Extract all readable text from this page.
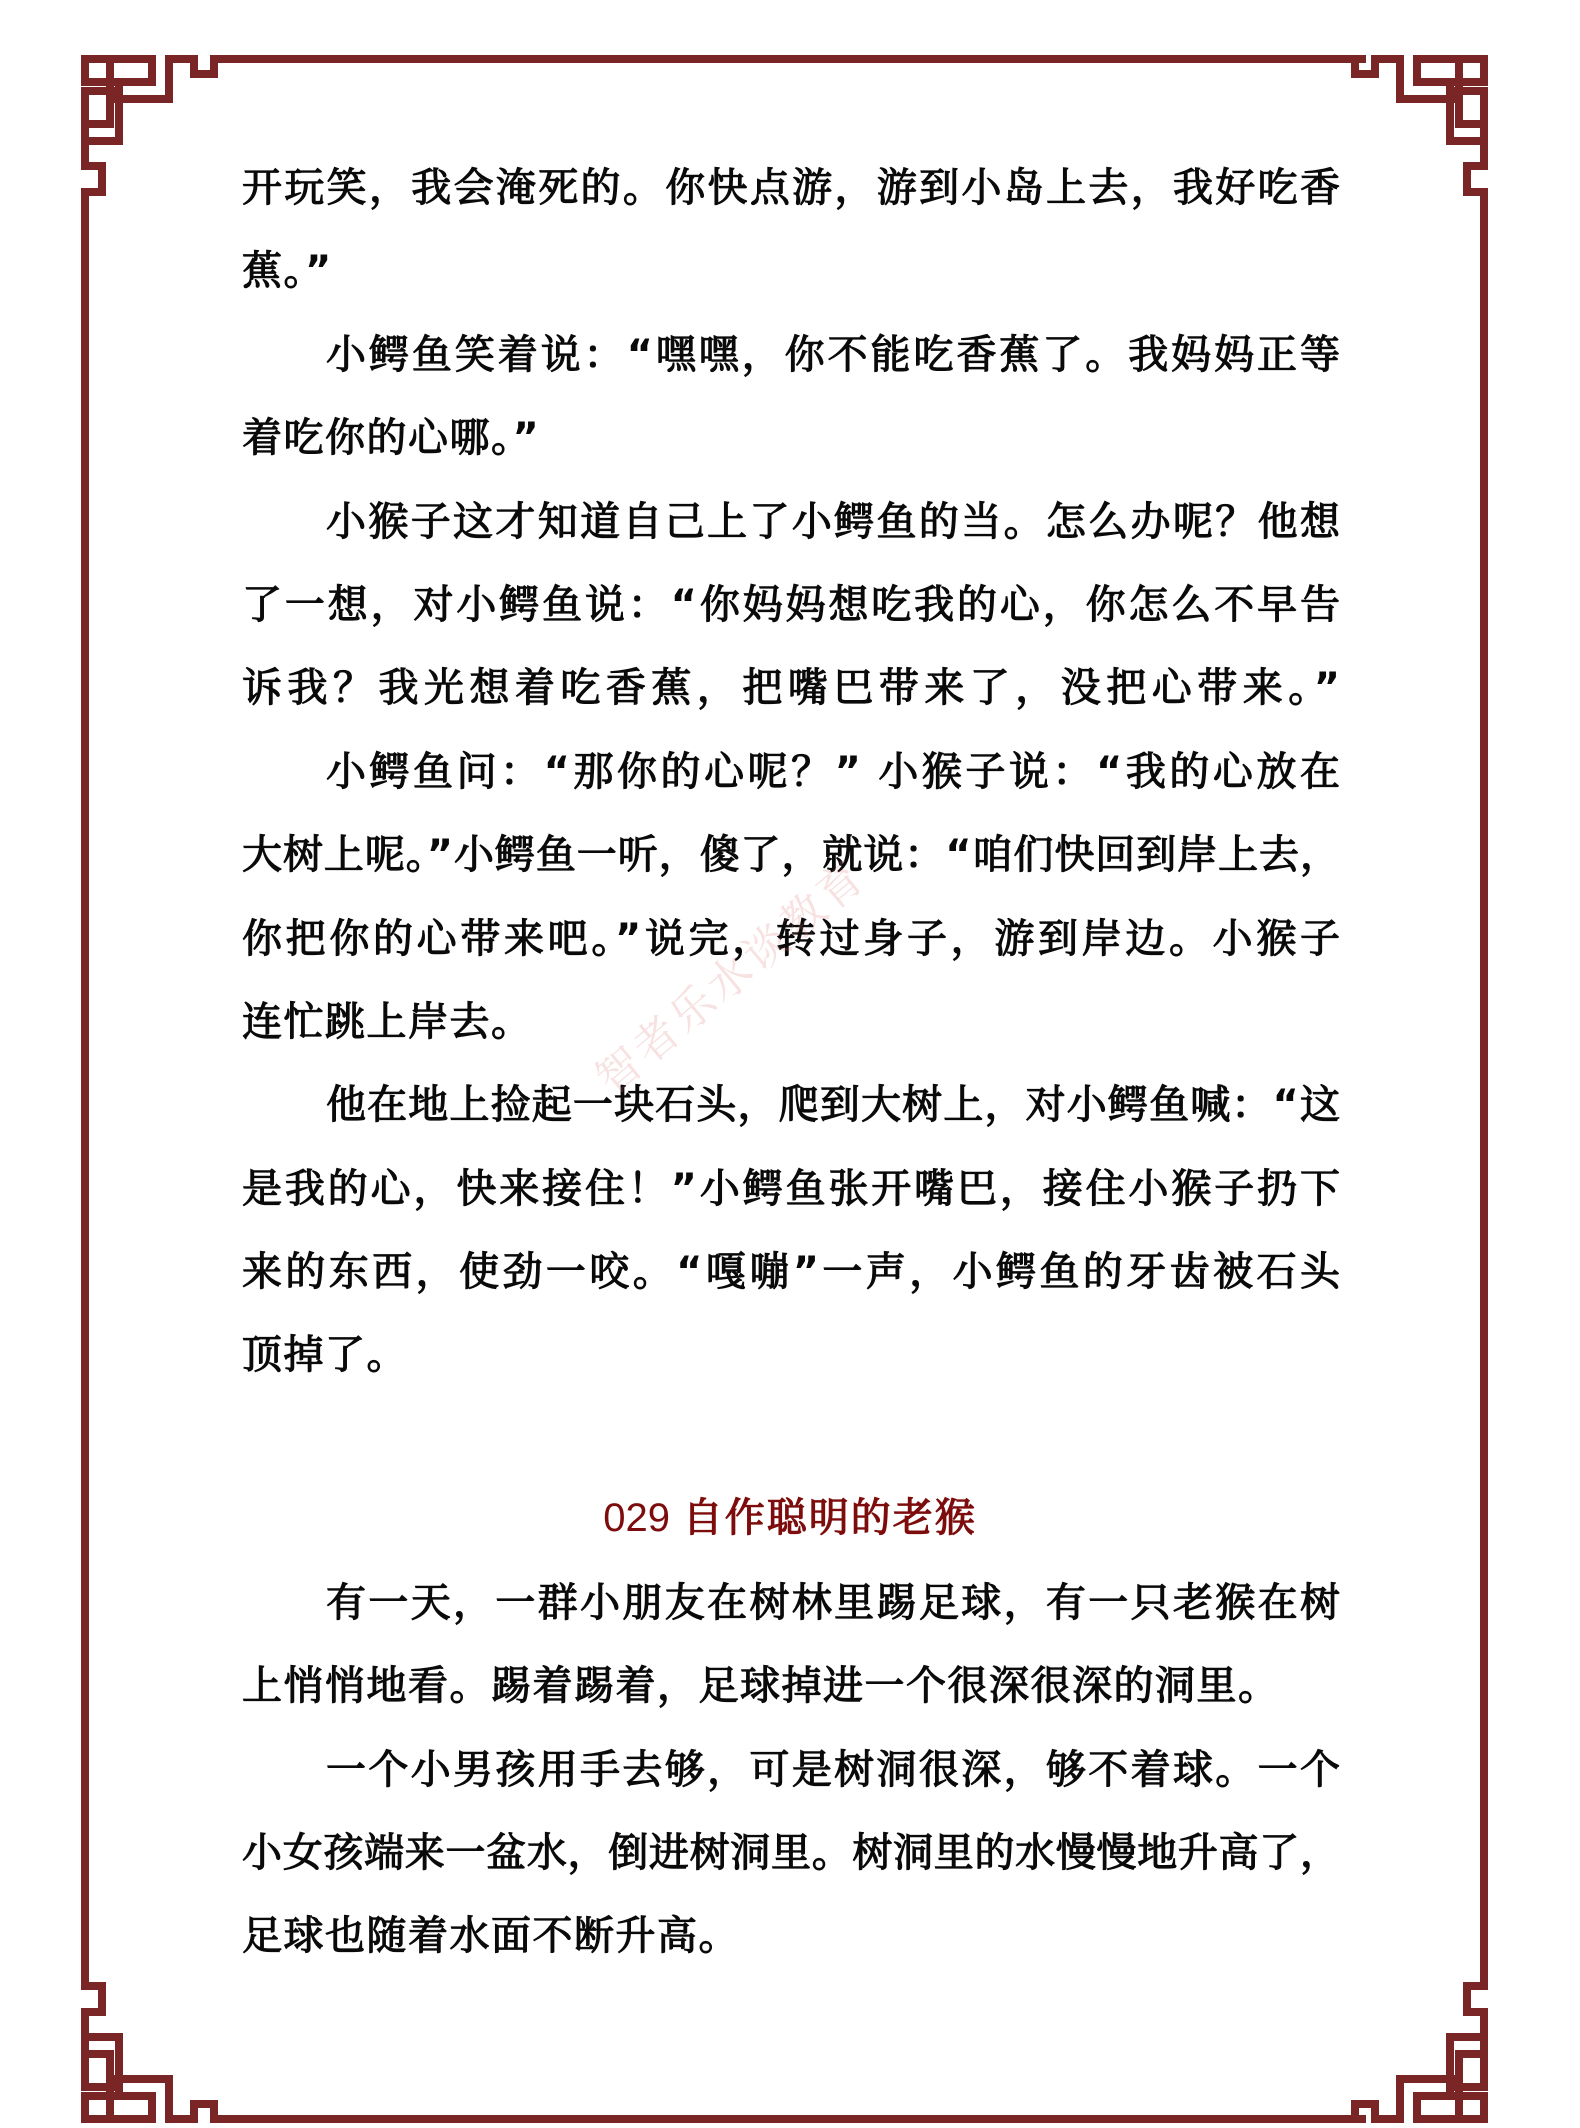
开玩笑，我会淹死的。你快点游，游到小岛上去，我好吃香
蕉。”
小鳄鱼笑着说：“嘿嘿，你不能吃香蕉了。我妈妈正等
着吃你的心哪。”
小猴子这才知道自己上了小鳄鱼的当。怎么办呢？他想
了一想，对小鳄鱼说：“你妈妈想吃我的心，你怎么不早告
诉我？我光想着吃香蕉，把嘴巴带来了，没把心带来。”
小鳄鱼问：“那你的心呢？” 小猴子说：“我的心放在
大树上呢。”小鳄鱼一听，傻了，就说：“咱们快回到岸上去，
你把你的心带来吧。”说完，转过身子，游到岸边。小猴子
连忙跳上岸去。
他在地上捡起一块石头，爬到大树上，对小鳄鱼喊：“这
是我的心，快来接住！”小鳄鱼张开嘴巴，接住小猴子扔下
来的东西，使劲一咬。“嘎嘣”一声，小鳄鱼的牙齿被石头
顶掉了。
029 自作聪明的老猴
有一天，一群小朋友在树林里踢足球，有一只老猴在树
上悄悄地看。踢着踢着，足球掉进一个很深很深的洞里。
一个小男孩用手去够，可是树洞很深，够不着球。一个
小女孩端来一盆水，倒进树洞里。树洞里的水慢慢地升高了，
足球也随着水面不断升高。
智者乐水谈教育
